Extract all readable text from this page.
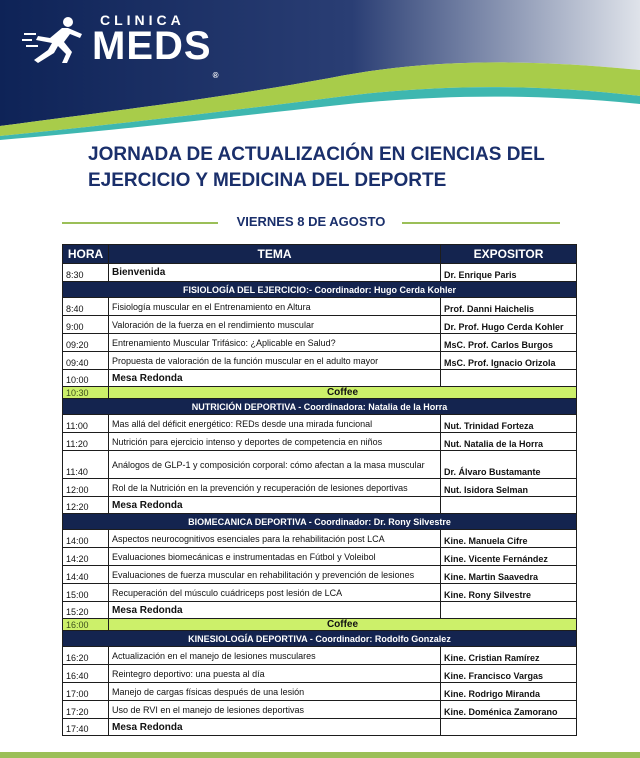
CLINICA
MEDS®
JORNADA DE ACTUALIZACIÓN EN CIENCIAS DEL
EJERCICIO Y MEDICINA DEL DEPORTE
VIERNES 8 DE AGOSTO
HORA	TEMA	EXPOSITOR
8:30	Bienvenida	Dr. Enrique Paris
FISIOLOGÍA DEL EJERCICIO:- Coordinador: Hugo Cerda Kohler		
8:40	Fisiología muscular en el Entrenamiento en Altura	Prof. Danni Haichelis
9:00	Valoración de la fuerza en el rendimiento muscular	Dr. Prof. Hugo Cerda Kohler
09:20	Entrenamiento Muscular Trifásico: ¿Aplicable en Salud?	MsC. Prof. Carlos Burgos
09:40	Propuesta de valoración de la función muscular en el adulto mayor	MsC. Prof. Ignacio Orizola
10:00	Mesa Redonda	
10:30	Coffee	
NUTRICIÓN DEPORTIVA - Coordinadora: Natalia de la Horra		
11:00	Mas allá del déficit energético: REDs desde una mirada funcional	Nut. Trinidad Forteza
11:20	Nutrición para ejercicio intenso y deportes de competencia en niños	Nut. Natalia de la Horra
11:40	Análogos de GLP-1 y composición corporal: cómo afectan a la masa muscular	Dr. Álvaro Bustamante
12:00	Rol de la Nutrición en la prevención y recuperación de lesiones deportivas	Nut. Isidora Selman
12:20	Mesa Redonda	
BIOMECANICA DEPORTIVA - Coordinador: Dr. Rony Silvestre		
14:00	Aspectos neurocognitivos esenciales para la rehabilitación post LCA	Kine. Manuela Cifre
14:20	Evaluaciones biomecánicas e instrumentadas en Fútbol y Voleibol	Kine. Vicente Fernández
14:40	Evaluaciones de fuerza muscular en rehabilitación y prevención de lesiones	Kine. Martin Saavedra
15:00	Recuperación del músculo cuádriceps post lesión de LCA	Kine. Rony Silvestre
15:20	Mesa Redonda	
16:00	Coffee	
KINESIOLOGÍA DEPORTIVA - Coordinador: Rodolfo Gonzalez		
16:20	Actualización en el manejo de lesiones musculares	Kine. Cristian Ramírez
16:40	Reintegro deportivo: una puesta al día	Kine. Francisco Vargas
17:00	Manejo de cargas físicas después de una lesión	Kine. Rodrigo Miranda
17:20	Uso de RVI en el manejo de lesiones deportivas	Kine. Doménica Zamorano
17:40	Mesa Redonda	
